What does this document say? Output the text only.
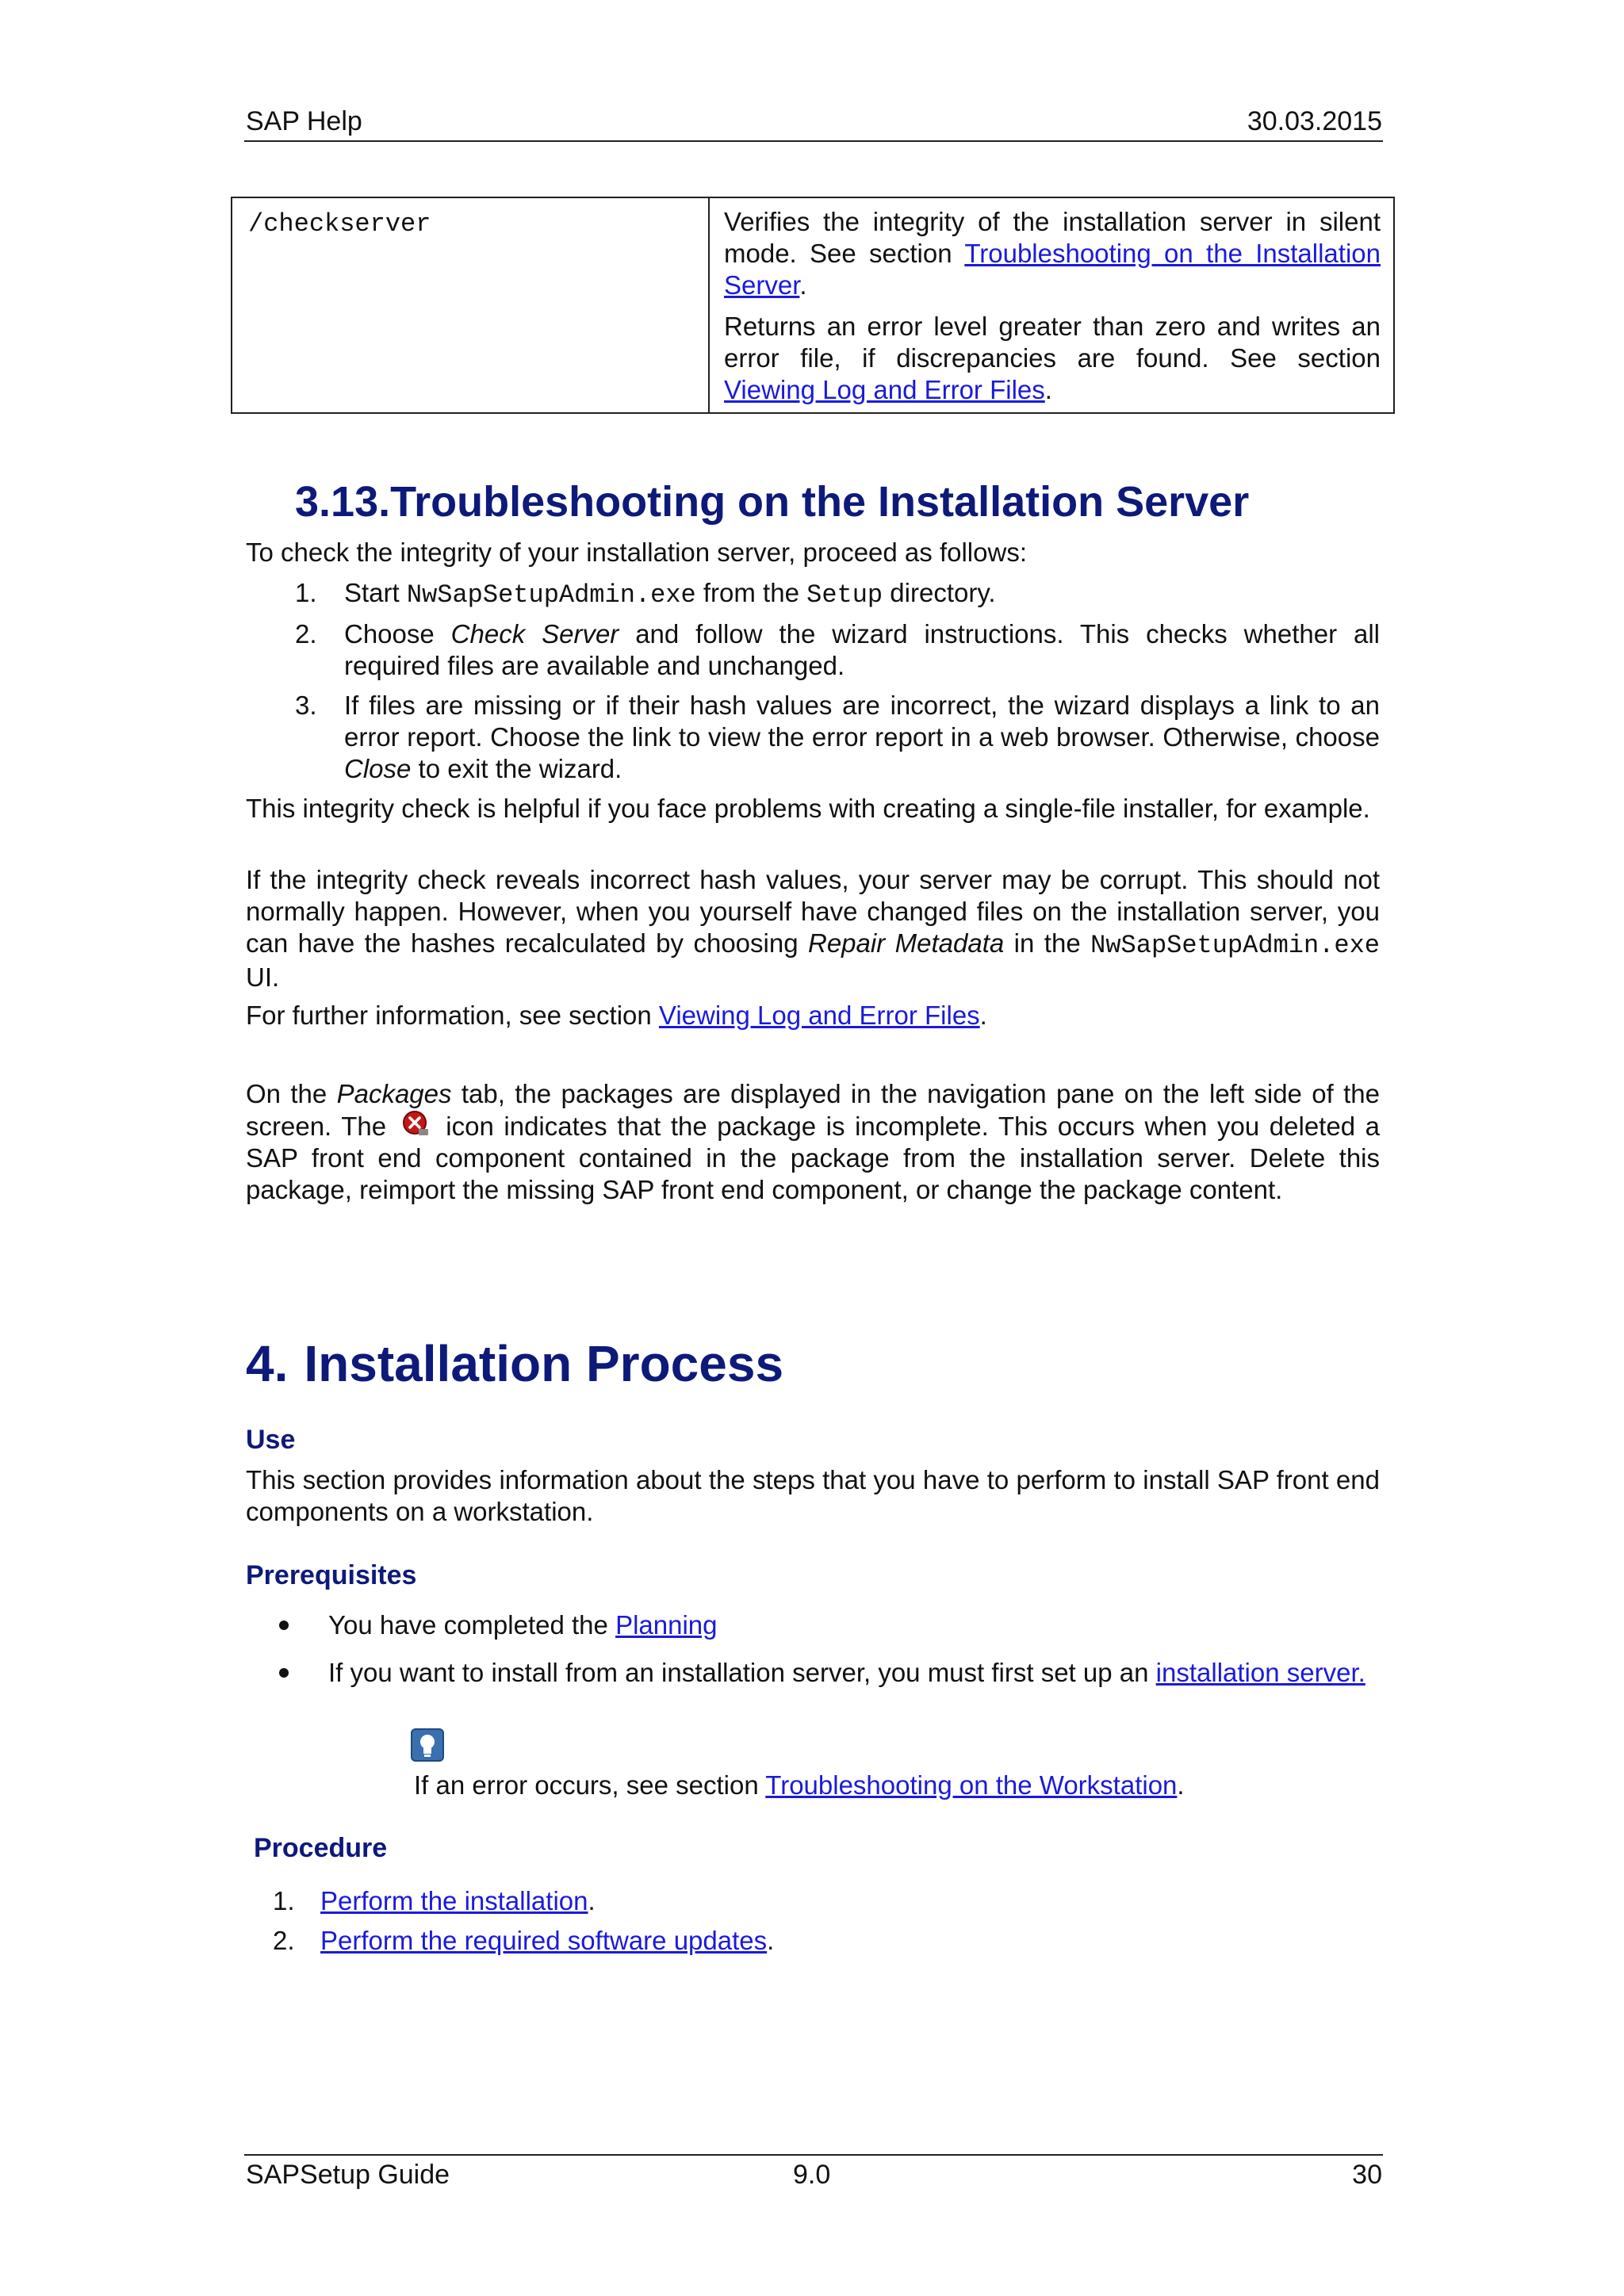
SAP Help	30.03.2015
/checkserver	Verifies the integrity of the installation server in silent mode. See section Troubleshooting on the Installation Server.

Returns an error level greater than zero and writes an error file, if discrepancies are found. See section Viewing Log and Error Files.

3.13.Troubleshooting on the Installation Server
To check the integrity of your installation server, proceed as follows:
1. Start NwSapSetupAdmin.exe from the Setup directory.
2. Choose Check Server and follow the wizard instructions. This checks whether all required files are available and unchanged.
3. If files are missing or if their hash values are incorrect, the wizard displays a link to an error report. Choose the link to view the error report in a web browser. Otherwise, choose Close to exit the wizard.
This integrity check is helpful if you face problems with creating a single-file installer, for example.
If the integrity check reveals incorrect hash values, your server may be corrupt. This should not normally happen. However, when you yourself have changed files on the installation server, you can have the hashes recalculated by choosing Repair Metadata in the NwSapSetupAdmin.exe UI.
For further information, see section Viewing Log and Error Files.
On the Packages tab, the packages are displayed in the navigation pane on the left side of the screen. The  icon indicates that the package is incomplete. This occurs when you deleted a SAP front end component contained in the package from the installation server. Delete this package, reimport the missing SAP front end component, or change the package content.
4. Installation Process
Use
This section provides information about the steps that you have to perform to install SAP front end components on a workstation.
Prerequisites
You have completed the Planning
If you want to install from an installation server, you must first set up an installation server.
If an error occurs, see section Troubleshooting on the Workstation.
Procedure
1. Perform the installation.
2. Perform the required software updates.
SAPSetup Guide	9.0	30
